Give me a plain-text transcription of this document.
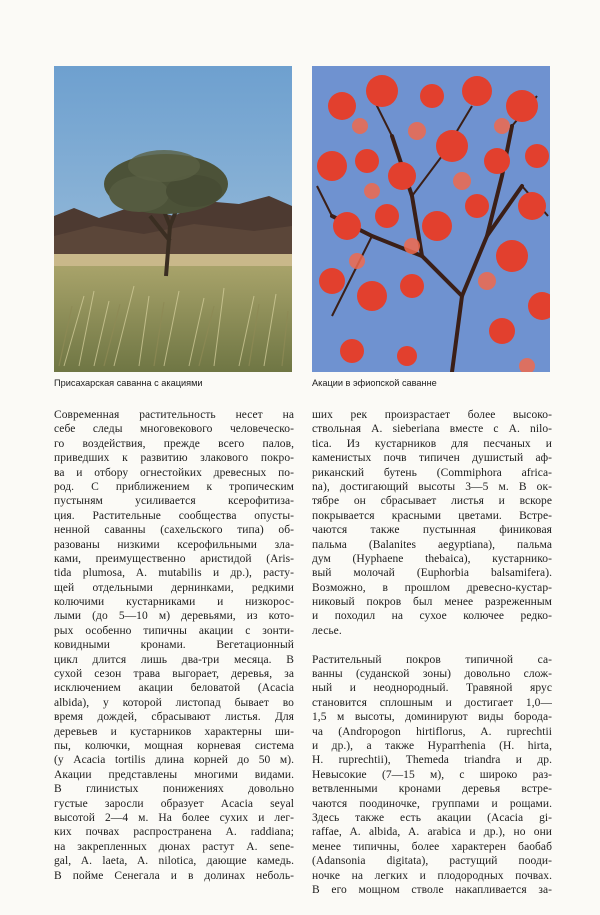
Присахарская саванна с акациями	Акации в эфиопской саванне
Современная растительность несет на
себе следы многовекового человеческо-
го воздействия, прежде всего палов,
приведших к развитию злакового покро-
ва и отбору огнестойких древесных по-
род. С приближением к тропическим
пустыням усиливается ксерофитиза-
ция. Растительные сообщества опусты-
ненной саванны (сахельского типа) об-
разованы низкими ксерофильными зла-
ками, преимущественно аристидой (Aris-
tida plumosa, A. mutabilis и др.), расту-
щей отдельными дернинками, редкими
колючими кустарниками и низкорос-
лыми (до 5—10 м) деревьями, из кото-
рых особенно типичны акации с зонти-
ковидными кронами. Вегетационный
цикл длится лишь два-три месяца. В
сухой сезон трава выгорает, деревья, за
исключением акации беловатой (Acacia
albida), у которой листопад бывает во
время дождей, сбрасывают листья. Для
деревьев и кустарников характерны ши-
пы, колючки, мощная корневая система
(у Acacia tortilis длина корней до 50 м).
Акации представлены многими видами.
В глинистых понижениях довольно
густые заросли образует Acacia seyal
высотой 2—4 м. На более сухих и лег-
ких почвах распространена A. raddiana;
на закрепленных дюнах растут A. sene-
gal, A. laeta, A. nilotica, дающие камедь.
В пойме Сенегала и в долинах неболь-
ших рек произрастает более высоко-
ствольная A. sieberiana вместе с A. nilo-
tica. Из кустарников для песчаных и
каменистых почв типичен душистый аф-
риканский бутень (Commiphora africa-
na), достигающий высоты 3—5 м. В ок-
тябре он сбрасывает листья и вскоре
покрывается красными цветами. Встре-
чаются также пустынная финиковая
пальма (Balanites aegyptiana), пальма
дум (Hyphaene thebaica), кустарнико-
вый молочай (Euphorbia balsamifera).
Возможно, в прошлом древесно-кустар-
никовый покров был менее разреженным
и походил на сухое колючее редко-
лесье.
Растительный покров типичной са-
ванны (суданской зоны) довольно слож-
ный и неоднородный. Травяной ярус
становится сплошным и достигает 1,0—
1,5 м высоты, доминируют виды борода-
ча (Andropogon hirtiflorus, A. ruprechtii
и др.), а также Hyparrhenia (H. hirta,
H. ruprechtii), Themeda triandra и др.
Невысокие (7—15 м), с широко раз-
ветвленными кронами деревья встре-
чаются поодиночке, группами и рощами.
Здесь также есть акации (Acacia gi-
raffae, A. albida, A. arabica и др.), но они
менее типичны, более характерен баобаб
(Adansonia digitata), растущий пооди-
ночке на легких и плодородных почвах.
В его мощном стволе накапливается за-
